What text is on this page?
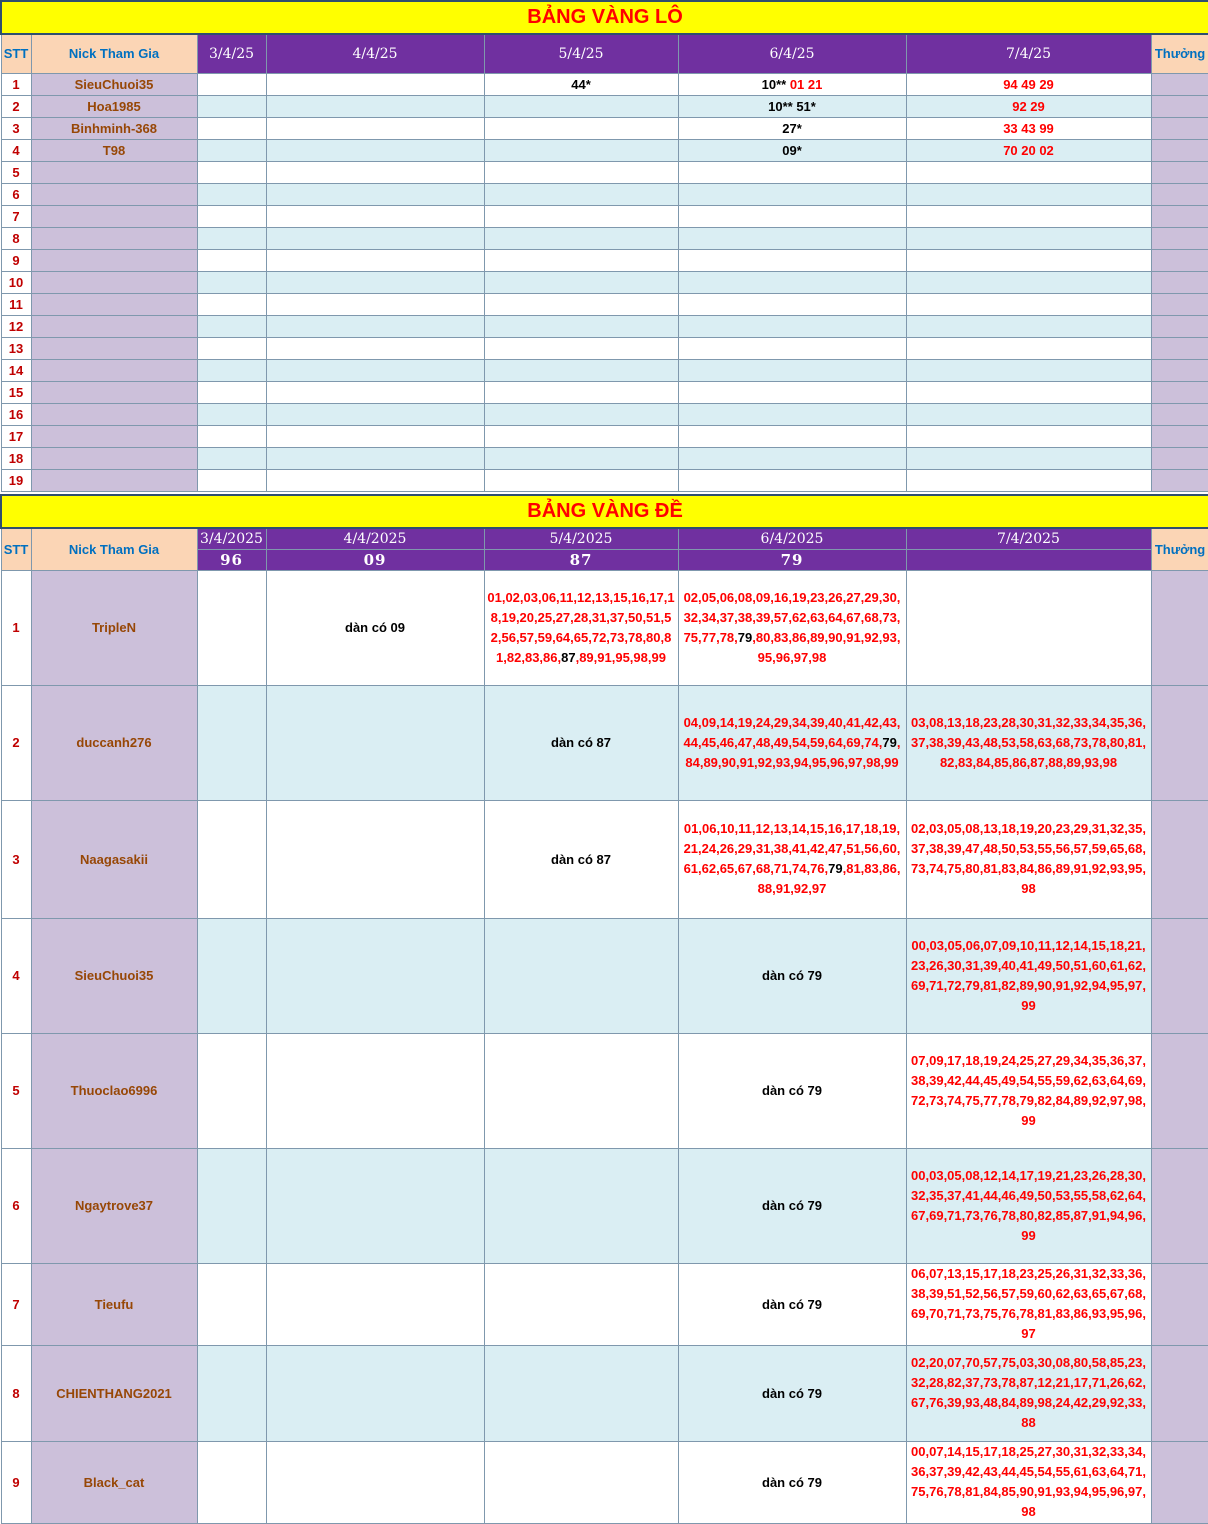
BẢNG VÀNG LÔ							
STT	Nick Tham Gia	3/4/25	4/4/25	5/4/25	6/4/25	7/4/25	Thưởng
1	SieuChuoi35			44*	10** 01 21	94 49 29	
2	Hoa1985				10** 51*	92 29	
3	Binhminh-368				27*	33 43 99	
4	T98				09*	70 20 02	
5							
6							
7							
8							
9							
10							
11							
12							
13							
14							
15							
16							
17							
18							
19							

BẢNG VÀNG ĐỀ							
STT	Nick Tham Gia	3/4/2025	4/4/2025	5/4/2025	6/4/2025	7/4/2025	Thưởng
		96	09	87	79		
1	TripleN		dàn có 09	01,02,03,06,11,12,13,15,16,17,18,19,20,25,27,28,31,37,50,51,52,56,57,59,64,65,72,73,78,80,81,82,83,86,87,89,91,95,98,99	02,05,06,08,09,16,19,23,26,27,29,30,32,34,37,38,39,57,62,63,64,67,68,73,75,77,78,79,80,83,86,89,90,91,92,93,95,96,97,98		
2	duccanh276			dàn có 87	04,09,14,19,24,29,34,39,40,41,42,43,44,45,46,47,48,49,54,59,64,69,74,79,84,89,90,91,92,93,94,95,96,97,98,99	03,08,13,18,23,28,30,31,32,33,34,35,36,37,38,39,43,48,53,58,63,68,73,78,80,81,82,83,84,85,86,87,88,89,93,98	
3	Naagasakii			dàn có 87	01,06,10,11,12,13,14,15,16,17,18,19,21,24,26,29,31,38,41,42,47,51,56,60,61,62,65,67,68,71,74,76,79,81,83,86,88,91,92,97	02,03,05,08,13,18,19,20,23,29,31,32,35,37,38,39,47,48,50,53,55,56,57,59,65,68,73,74,75,80,81,83,84,86,89,91,92,93,95,98	
4	SieuChuoi35				dàn có 79	00,03,05,06,07,09,10,11,12,14,15,18,21,23,26,30,31,39,40,41,49,50,51,60,61,62,69,71,72,79,81,82,89,90,91,92,94,95,97,99	
5	Thuoclao6996				dàn có 79	07,09,17,18,19,24,25,27,29,34,35,36,37,38,39,42,44,45,49,54,55,59,62,63,64,69,72,73,74,75,77,78,79,82,84,89,92,97,98,99	
6	Ngaytrove37				dàn có 79	00,03,05,08,12,14,17,19,21,23,26,28,30,32,35,37,41,44,46,49,50,53,55,58,62,64,67,69,71,73,76,78,80,82,85,87,91,94,96,99	
7	Tieufu				dàn có 79	06,07,13,15,17,18,23,25,26,31,32,33,36,38,39,51,52,56,57,59,60,62,63,65,67,68,69,70,71,73,75,76,78,81,83,86,93,95,96,97	
8	CHIENTHANG2021				dàn có 79	02,20,07,70,57,75,03,30,08,80,58,85,23,32,28,82,37,73,78,87,12,21,17,71,26,62,67,76,39,93,48,84,89,98,24,42,29,92,33,88	
9	Black_cat				dàn có 79	00,07,14,15,17,18,25,27,30,31,32,33,34,36,37,39,42,43,44,45,54,55,61,63,64,71,75,76,78,81,84,85,90,91,93,94,95,96,97,98	
